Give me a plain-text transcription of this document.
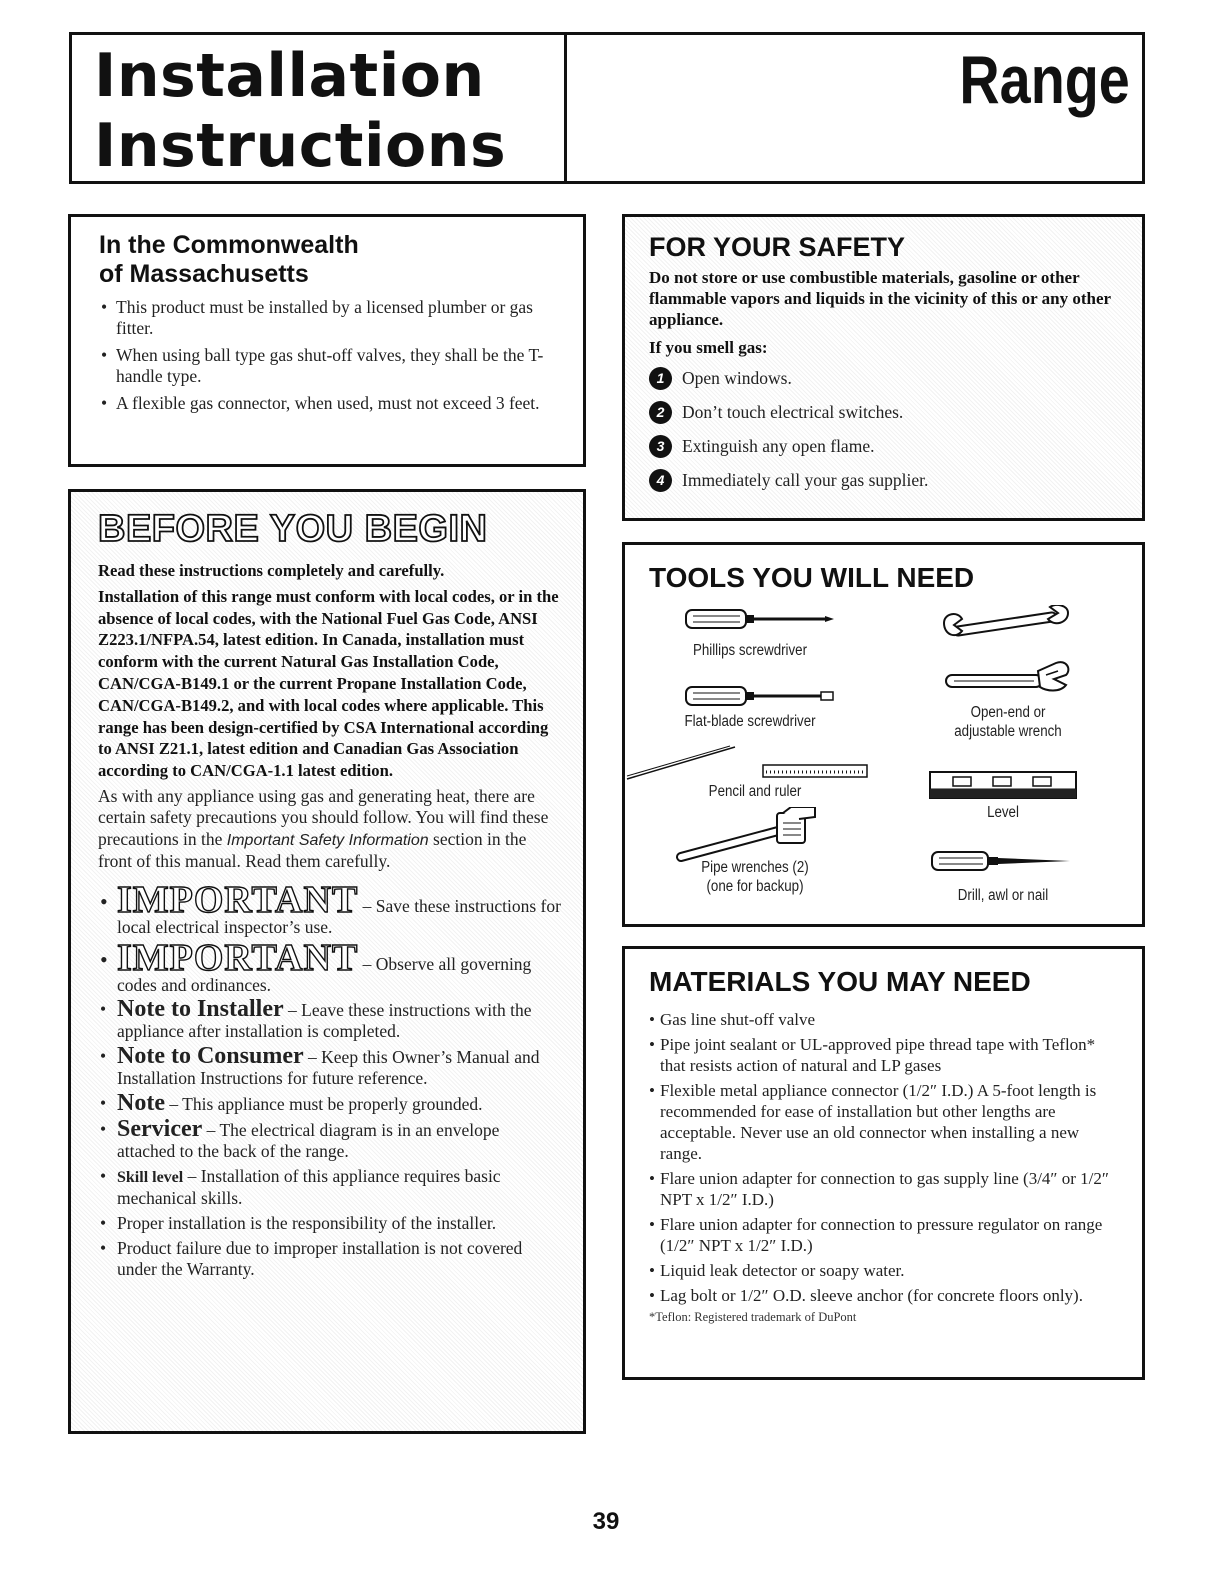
Installation
Instructions
Range
In the Commonwealth
of Massachusetts
• This product must be installed by a licensed plumber or gas fitter.
• When using ball type gas shut-off valves, they shall be the T-handle type.
• A flexible gas connector, when used, must not exceed 3 feet.
FOR YOUR SAFETY

Do not store or use combustible materials, gasoline or other flammable vapors and liquids in the vicinity of this or any other appliance.

If you smell gas:

1	Open windows.
2	Don’t touch electrical switches.
3	Extinguish any open flame.
4	Immediately call your gas supplier.
BEFORE YOU BEGIN

Read these instructions completely and carefully.

Installation of this range must conform with local codes, or in the absence of local codes, with the National Fuel Gas Code, ANSI Z223.1/NFPA.54, latest edition. In Canada, installation must conform with the current Natural Gas Installation Code, CAN/CGA-B149.1 or the current Propane Installation Code, CAN/CGA-B149.2, and with local codes where applicable. This range has been design-certified by CSA International according to ANSI Z21.1, latest edition and Canadian Gas Association according to CAN/CGA-1.1 latest edition.

As with any appliance using gas and generating heat, there are certain safety precautions you should follow. You will find these precautions in the Important Safety Information section in the front of this manual. Read them carefully.

• IMPORTANT – Save these instructions for local electrical inspector’s use.
• IMPORTANT – Observe all governing codes and ordinances.
• Note to Installer – Leave these instructions with the appliance after installation is completed.
• Note to Consumer – Keep this Owner’s Manual and Installation Instructions for future reference.
• Note – This appliance must be properly grounded.
• Servicer – The electrical diagram is in an envelope attached to the back of the range.
• Skill level – Installation of this appliance requires basic mechanical skills.
• Proper installation is the responsibility of the installer.
• Product failure due to improper installation is not covered under the Warranty.
TOOLS YOU WILL NEED
Phillips screwdriver
Flat-blade screwdriver
Pencil and ruler
Pipe wrenches (2)
(one for backup)
Open-end or
adjustable wrench
Level
Drill, awl or nail
MATERIALS YOU MAY NEED
• Gas line shut-off valve
• Pipe joint sealant or UL-approved pipe thread tape with Teflon* that resists action of natural and LP gases
• Flexible metal appliance connector (1/2″ I.D.) A 5-foot length is recommended for ease of installation but other lengths are acceptable. Never use an old connector when installing a new range.
• Flare union adapter for connection to gas supply line (3/4″ or 1/2″ NPT x 1/2″ I.D.)
• Flare union adapter for connection to pressure regulator on range (1/2″ NPT x 1/2″ I.D.)
• Liquid leak detector or soapy water.
• Lag bolt or 1/2″ O.D. sleeve anchor (for concrete floors only).

*Teflon: Registered trademark of DuPont

39
